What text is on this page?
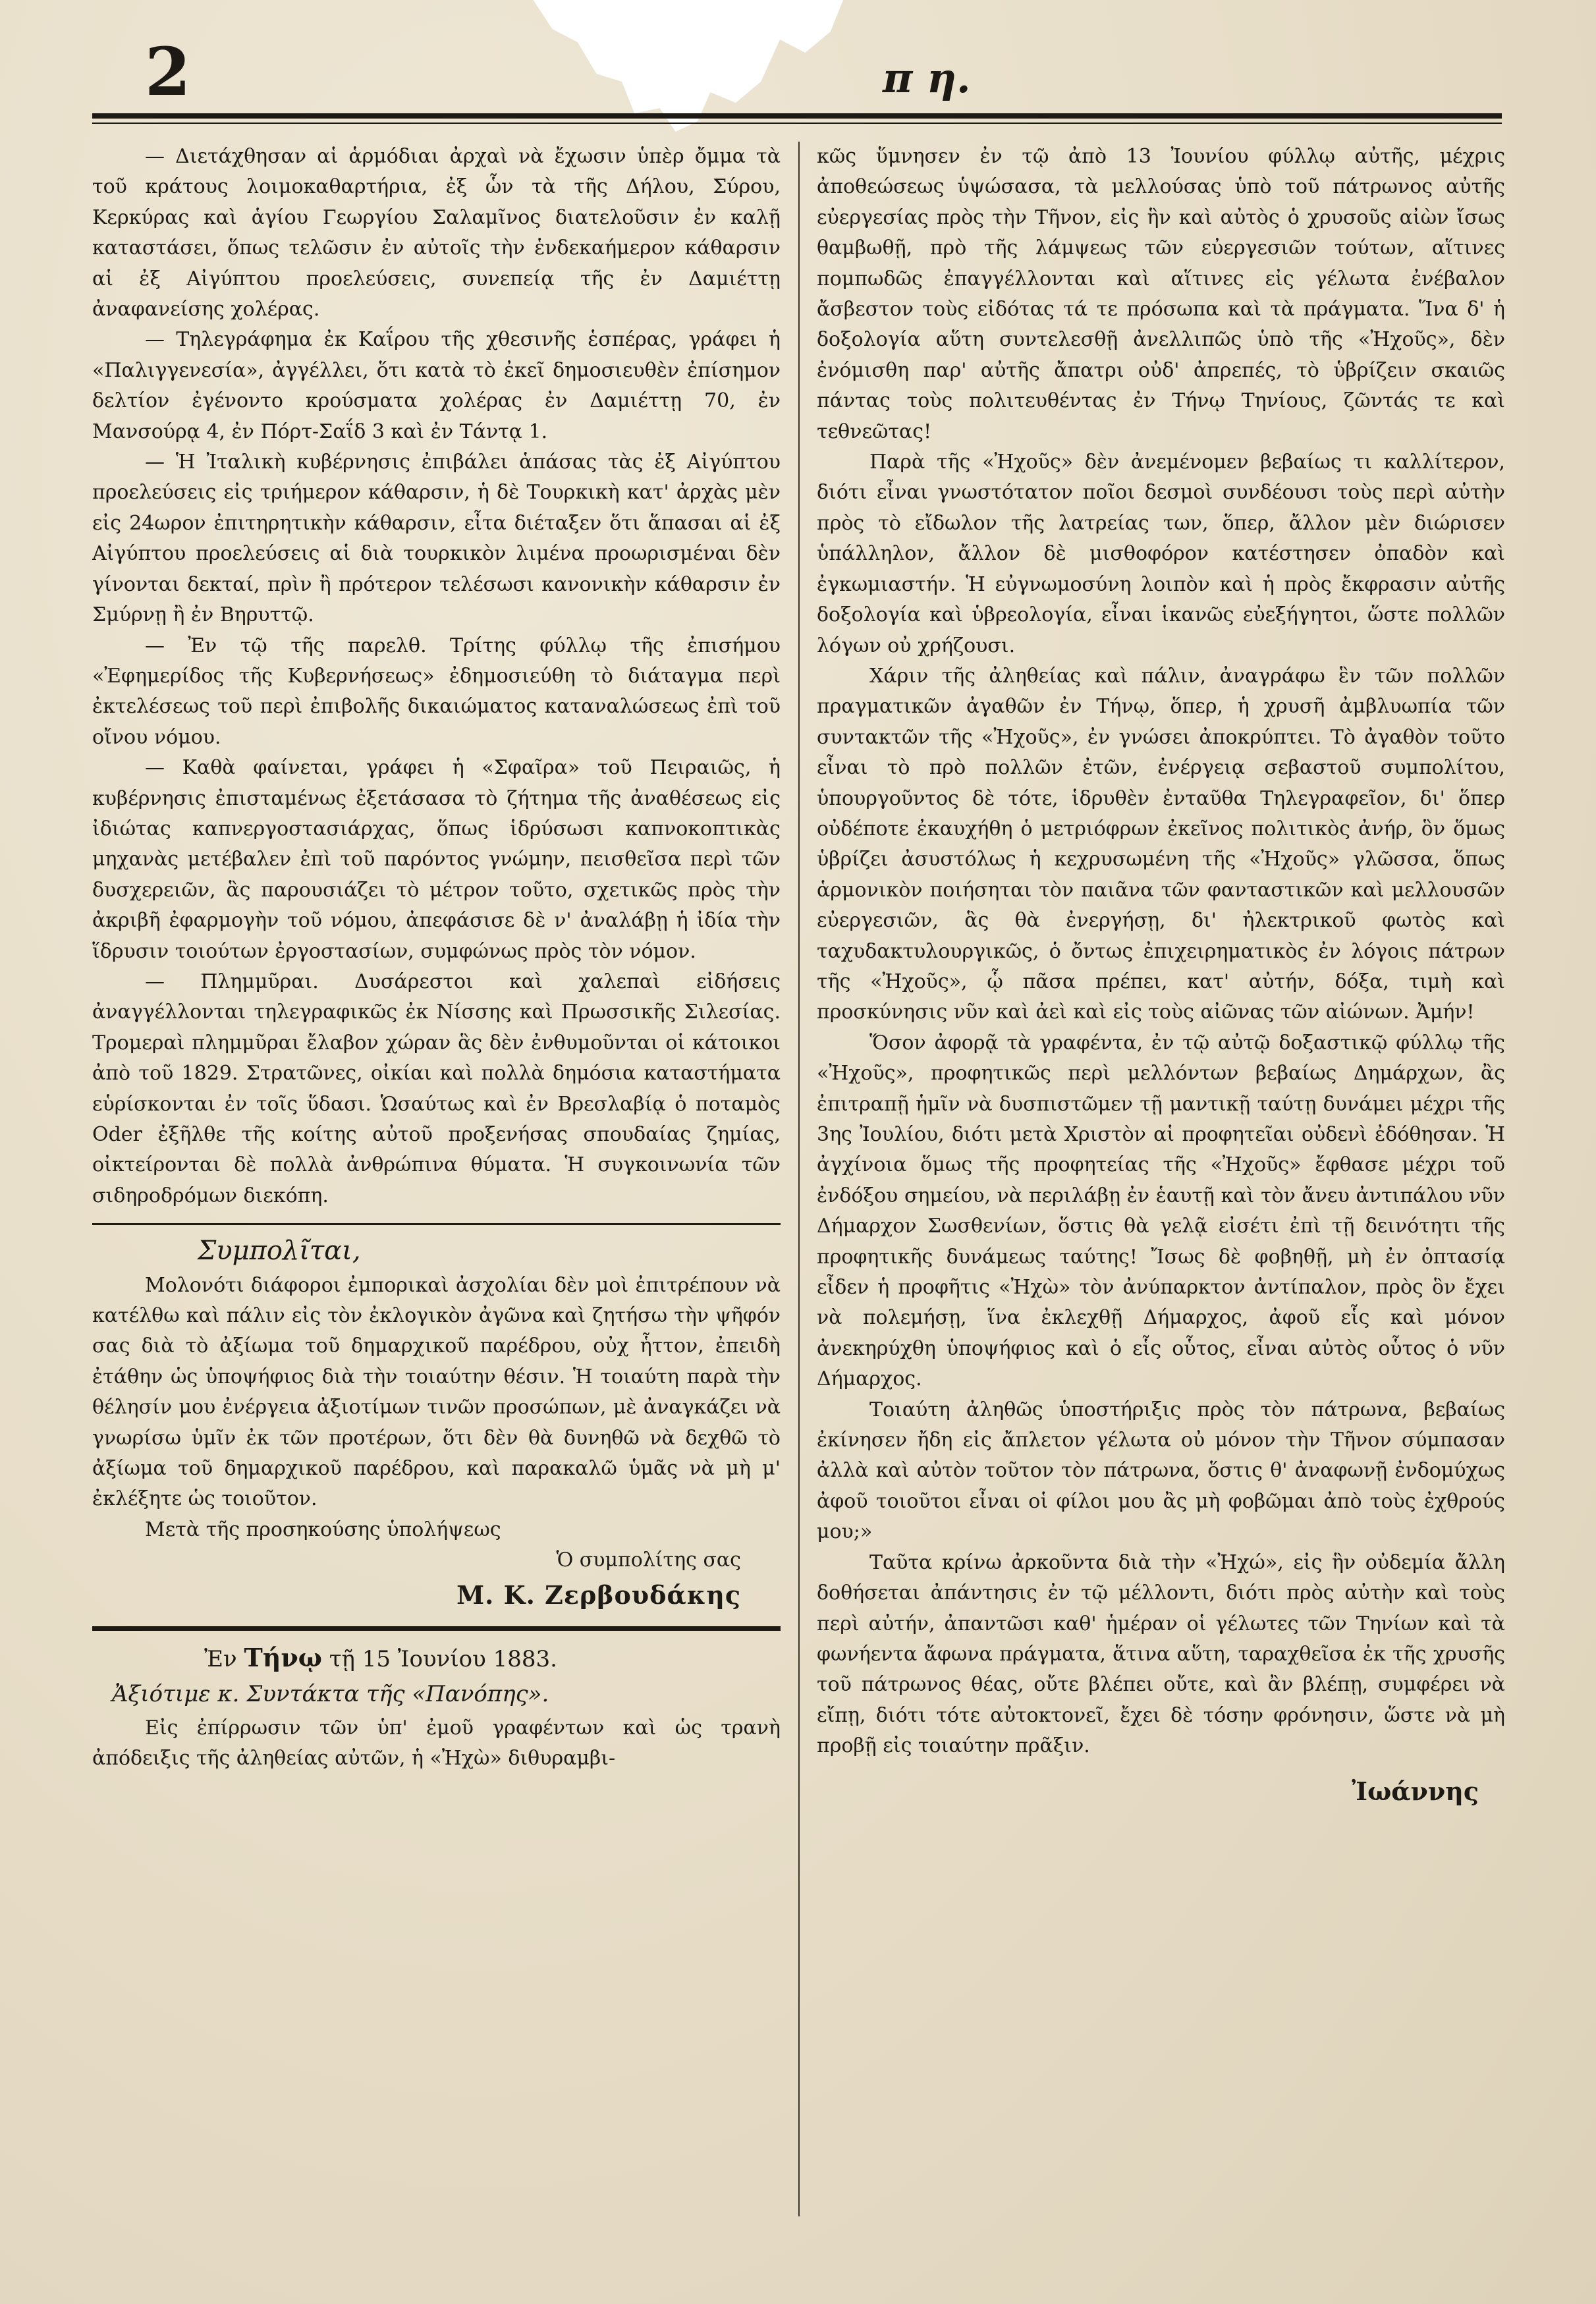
2	π η.

— Διετάχθησαν αἱ ἁρμόδιαι ἀρχαὶ νὰ ἔχωσιν ὑπὲρ ὄμμα τὰ τοῦ κράτους λοιμοκαθαρτήρια, ἐξ ὧν τὰ τῆς Δήλου, Σύρου, Κερκύρας καὶ ἁγίου Γεωργίου Σαλαμῖνος διατελοῦσιν ἐν καλῇ καταστάσει, ὅπως τελῶσιν ἐν αὐτοῖς τὴν ἑνδεκαήμερον κάθαρσιν αἱ ἐξ Αἰγύπτου προελεύσεις, συνεπείᾳ τῆς ἐν Δαμιέττῃ ἀναφανείσης χολέρας.

— Τηλεγράφημα ἐκ Καΐρου τῆς χθεσινῆς ἑσπέρας, γράφει ἡ «Παλιγγενεσία», ἀγγέλλει, ὅτι κατὰ τὸ ἐκεῖ δημοσιευθὲν ἐπίσημον δελτίον ἐγένοντο κρούσματα χολέρας ἐν Δαμιέττῃ 70, ἐν Μανσούρᾳ 4, ἐν Πόρτ-Σαΐδ 3 καὶ ἐν Τάντᾳ 1.

— Ἡ Ἰταλικὴ κυβέρνησις ἐπιβάλει ἁπάσας τὰς ἐξ Αἰγύπτου προελεύσεις εἰς τριήμερον κάθαρσιν, ἡ δὲ Τουρκικὴ κατ' ἀρχὰς μὲν εἰς 24ωρον ἐπιτηρητικὴν κάθαρσιν, εἶτα διέταξεν ὅτι ἅπασαι αἱ ἐξ Αἰγύπτου προελεύσεις αἱ διὰ τουρκικὸν λιμένα προωρισμέναι δὲν γίνονται δεκταί, πρὶν ἢ πρότερον τελέσωσι κανονικὴν κάθαρσιν ἐν Σμύρνῃ ἢ ἐν Βηρυττῷ.

— Ἐν τῷ τῆς παρελθ. Τρίτης φύλλῳ τῆς ἐπισήμου «Ἐφημερίδος τῆς Κυβερνήσεως» ἐδημοσιεύθη τὸ διάταγμα περὶ ἐκτελέσεως τοῦ περὶ ἐπιβολῆς δικαιώματος καταναλώσεως ἐπὶ τοῦ οἴνου νόμου.

— Καθὰ φαίνεται, γράφει ἡ «Σφαῖρα» τοῦ Πειραιῶς, ἡ κυβέρνησις ἐπισταμένως ἐξετάσασα τὸ ζήτημα τῆς ἀναθέσεως εἰς ἰδιώτας καπνεργοστασιάρχας, ὅπως ἱδρύσωσι καπνοκοπτικὰς μηχανὰς μετέβαλεν ἐπὶ τοῦ παρόντος γνώμην, πεισθεῖσα περὶ τῶν δυσχερειῶν, ἃς παρουσιάζει τὸ μέτρον τοῦτο, σχετικῶς πρὸς τὴν ἀκριβῆ ἐφαρμογὴν τοῦ νόμου, ἀπεφάσισε δὲ ν' ἀναλάβῃ ἡ ἰδία τὴν ἵδρυσιν τοιούτων ἐργοστασίων, συμφώνως πρὸς τὸν νόμον.

— Πλημμῦραι. Δυσάρεστοι καὶ χαλεπαὶ εἰδήσεις ἀναγγέλλονται τηλεγραφικῶς ἐκ Νίσσης καὶ Πρωσσικῆς Σιλεσίας. Τρομεραὶ πλημμῦραι ἔλαβον χώραν ἃς δὲν ἐνθυμοῦνται οἱ κάτοικοι ἀπὸ τοῦ 1829. Στρατῶνες, οἰκίαι καὶ πολλὰ δημόσια καταστήματα εὑρίσκονται ἐν τοῖς ὕδασι. Ὡσαύτως καὶ ἐν Βρεσλαβίᾳ ὁ ποταμὸς Oder ἐξῆλθε τῆς κοίτης αὐτοῦ προξενήσας σπουδαίας ζημίας, οἰκτείρονται δὲ πολλὰ ἀνθρώπινα θύματα. Ἡ συγκοινωνία τῶν σιδηροδρόμων διεκόπη.

Συμπολῖται,

Μολονότι διάφοροι ἐμπορικαὶ ἀσχολίαι δὲν μοὶ ἐπιτρέπουν νὰ κατέλθω καὶ πάλιν εἰς τὸν ἐκλογικὸν ἀγῶνα καὶ ζητήσω τὴν ψῆφόν σας διὰ τὸ ἀξίωμα τοῦ δημαρχικοῦ παρέδρου, οὐχ ἧττον, ἐπειδὴ ἐτάθην ὡς ὑποψήφιος διὰ τὴν τοιαύτην θέσιν. Ἡ τοιαύτη παρὰ τὴν θέλησίν μου ἐνέργεια ἀξιοτίμων τινῶν προσώπων, μὲ ἀναγκάζει νὰ γνωρίσω ὑμῖν ἐκ τῶν προτέρων, ὅτι δὲν θὰ δυνηθῶ νὰ δεχθῶ τὸ ἀξίωμα τοῦ δημαρχικοῦ παρέδρου, καὶ παρακαλῶ ὑμᾶς νὰ μὴ μ' ἐκλέξητε ὡς τοιοῦτον.

Μετὰ τῆς προσηκούσης ὑπολήψεως

Ὁ συμπολίτης σας
Μ. Κ. Ζερβουδάκης
Ἐν Τήνῳ τῇ 15 Ἰουνίου 1883.
Ἀξιότιμε κ. Συντάκτα τῆς «Πανόπης».

Εἰς ἐπίρρωσιν τῶν ὑπ' ἐμοῦ γραφέντων καὶ ὡς τρανὴ ἀπόδειξις τῆς ἀληθείας αὐτῶν, ἡ «Ἠχὼ» διθυραμβι-

κῶς ὕμνησεν ἐν τῷ ἀπὸ 13 Ἰουνίου φύλλῳ αὐτῆς, μέχρις ἀποθεώσεως ὑψώσασα, τὰ μελλούσας ὑπὸ τοῦ πάτρωνος αὐτῆς εὐεργεσίας πρὸς τὴν Τῆνον, εἰς ἣν καὶ αὐτὸς ὁ χρυσοῦς αἰὼν ἴσως θαμβωθῇ, πρὸ τῆς λάμψεως τῶν εὐεργεσιῶν τούτων, αἵτινες πομπωδῶς ἐπαγγέλλονται καὶ αἵτινες εἰς γέλωτα ἐνέβαλον ἄσβεστον τοὺς εἰδότας τά τε πρόσωπα καὶ τὰ πράγματα. Ἵνα δ' ἡ δοξολογία αὕτη συντελεσθῇ ἀνελλιπῶς ὑπὸ τῆς «Ἠχοῦς», δὲν ἐνόμισθη παρ' αὐτῆς ἄπατρι οὐδ' ἀπρεπές, τὸ ὑβρίζειν σκαιῶς πάντας τοὺς πολιτευθέντας ἐν Τήνῳ Τηνίους, ζῶντάς τε καὶ τεθνεῶτας!

Παρὰ τῆς «Ἠχοῦς» δὲν ἀνεμένομεν βεβαίως τι καλλίτερον, διότι εἶναι γνωστότατον ποῖοι δεσμοὶ συνδέουσι τοὺς περὶ αὐτὴν πρὸς τὸ εἴδωλον τῆς λατρείας των, ὅπερ, ἄλλον μὲν διώρισεν ὑπάλληλον, ἄλλον δὲ μισθοφόρον κατέστησεν ὀπαδὸν καὶ ἐγκωμιαστήν. Ἡ εὐγνωμοσύνη λοιπὸν καὶ ἡ πρὸς ἔκφρασιν αὐτῆς δοξολογία καὶ ὑβρεολογία, εἶναι ἱκανῶς εὐεξήγητοι, ὥστε πολλῶν λόγων οὐ χρήζουσι.

Χάριν τῆς ἀληθείας καὶ πάλιν, ἀναγράφω ἓν τῶν πολλῶν πραγματικῶν ἀγαθῶν ἐν Τήνῳ, ὅπερ, ἡ χρυσῆ ἀμβλυωπία τῶν συντακτῶν τῆς «Ἠχοῦς», ἐν γνώσει ἀποκρύπτει. Τὸ ἀγαθὸν τοῦτο εἶναι τὸ πρὸ πολλῶν ἐτῶν, ἐνέργειᾳ σεβαστοῦ συμπολίτου, ὑπουργοῦντος δὲ τότε, ἱδρυθὲν ἐνταῦθα Τηλεγραφεῖον, δι' ὅπερ οὐδέποτε ἐκαυχήθη ὁ μετριόφρων ἐκεῖνος πολιτικὸς ἀνήρ, ὃν ὅμως ὑβρίζει ἀσυστόλως ἡ κεχρυσωμένη τῆς «Ἠχοῦς» γλῶσσα, ὅπως ἁρμονικὸν ποιήσηται τὸν παιᾶνα τῶν φανταστικῶν καὶ μελλουσῶν εὐεργεσιῶν, ἃς θὰ ἐνεργήσῃ, δι' ἠλεκτρικοῦ φωτὸς καὶ ταχυδακτυλουργικῶς, ὁ ὄντως ἐπιχειρηματικὸς ἐν λόγοις πάτρων τῆς «Ἠχοῦς», ᾧ πᾶσα πρέπει, κατ' αὐτήν, δόξα, τιμὴ καὶ προσκύνησις νῦν καὶ ἀεὶ καὶ εἰς τοὺς αἰῶνας τῶν αἰώνων. Ἀμήν!

Ὅσον ἀφορᾷ τὰ γραφέντα, ἐν τῷ αὐτῷ δοξαστικῷ φύλλῳ τῆς «Ἠχοῦς», προφητικῶς περὶ μελλόντων βεβαίως Δημάρχων, ἂς ἐπιτραπῇ ἡμῖν νὰ δυσπιστῶμεν τῇ μαντικῇ ταύτῃ δυνάμει μέχρι τῆς 3ης Ἰουλίου, διότι μετὰ Χριστὸν αἱ προφητεῖαι οὐδενὶ ἐδόθησαν. Ἡ ἀγχίνοια ὅμως τῆς προφητείας τῆς «Ἠχοῦς» ἔφθασε μέχρι τοῦ ἐνδόξου σημείου, νὰ περιλάβῃ ἐν ἑαυτῇ καὶ τὸν ἄνευ ἀντιπάλου νῦν Δήμαρχον Σωσθενίων, ὅστις θὰ γελᾷ εἰσέτι ἐπὶ τῇ δεινότητι τῆς προφητικῆς δυνάμεως ταύτης! Ἴσως δὲ φοβηθῇ, μὴ ἐν ὀπτασίᾳ εἶδεν ἡ προφῆτις «Ἠχὼ» τὸν ἀνύπαρκτον ἀντίπαλον, πρὸς ὃν ἔχει νὰ πολεμήσῃ, ἵνα ἐκλεχθῇ Δήμαρχος, ἀφοῦ εἷς καὶ μόνον ἀνεκηρύχθη ὑποψήφιος καὶ ὁ εἷς οὗτος, εἶναι αὐτὸς οὗτος ὁ νῦν Δήμαρχος.

Τοιαύτη ἀληθῶς ὑποστήριξις πρὸς τὸν πάτρωνα, βεβαίως ἐκίνησεν ἤδη εἰς ἄπλετον γέλωτα οὐ μόνον τὴν Τῆνον σύμπασαν ἀλλὰ καὶ αὐτὸν τοῦτον τὸν πάτρωνα, ὅστις θ' ἀναφωνῇ ἐνδομύχως ἀφοῦ τοιοῦτοι εἶναι οἱ φίλοι μου ἂς μὴ φοβῶμαι ἀπὸ τοὺς ἐχθρούς μου;»

Ταῦτα κρίνω ἀρκοῦντα διὰ τὴν «Ἠχώ», εἰς ἣν οὐδεμία ἄλλη δοθήσεται ἀπάντησις ἐν τῷ μέλλοντι, διότι πρὸς αὐτὴν καὶ τοὺς περὶ αὐτήν, ἀπαντῶσι καθ' ἡμέραν οἱ γέλωτες τῶν Τηνίων καὶ τὰ φωνήεντα ἄφωνα πράγματα, ἅτινα αὕτη, ταραχθεῖσα ἐκ τῆς χρυσῆς τοῦ πάτρωνος θέας, οὔτε βλέπει οὔτε, καὶ ἂν βλέπῃ, συμφέρει νὰ εἴπῃ, διότι τότε αὐτοκτονεῖ, ἔχει δὲ τόσην φρόνησιν, ὥστε νὰ μὴ προβῇ εἰς τοιαύτην πρᾶξιν.

Ἰωάννης
